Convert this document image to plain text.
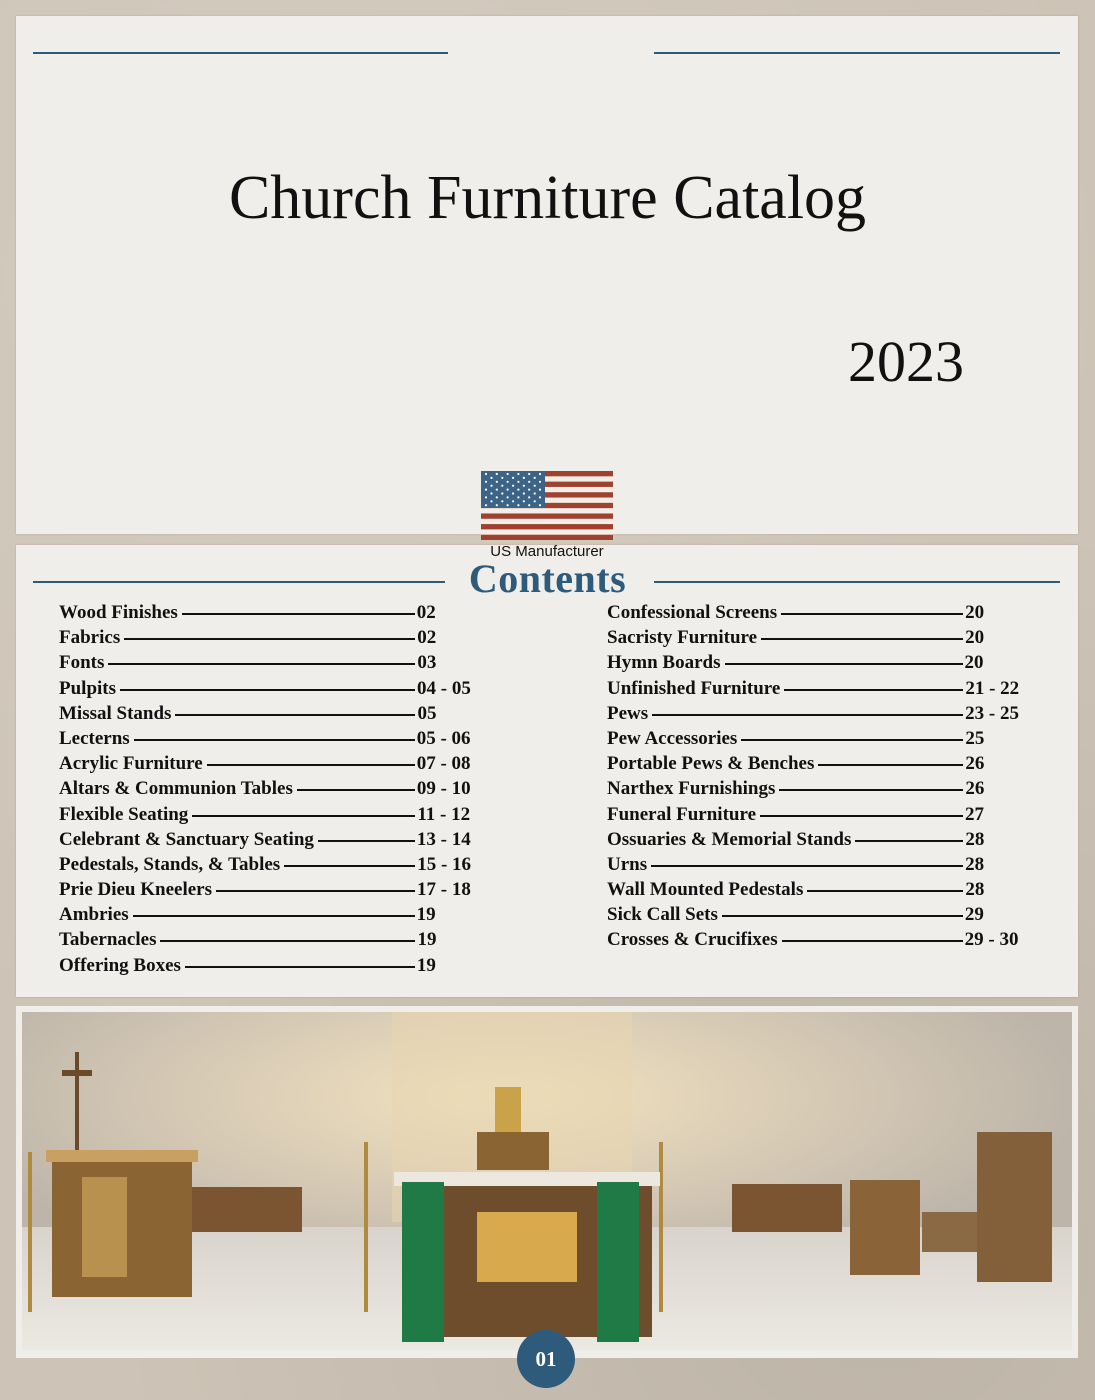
Church Furniture Catalog
2023
US Manufacturer
Contents
Wood Finishes	02
Fabrics	02
Fonts	03
Pulpits	04 - 05
Missal Stands	05
Lecterns	05 - 06
Acrylic Furniture	07 - 08
Altars & Communion Tables	09 - 10
Flexible Seating	11 - 12
Celebrant & Sanctuary Seating	13 - 14
Pedestals, Stands, & Tables	15 - 16
Prie Dieu Kneelers	17 - 18
Ambries	19
Tabernacles	19
Offering Boxes	19
Confessional Screens	20
Sacristy Furniture	20
Hymn Boards	20
Unfinished Furniture	21 - 22
Pews	23 - 25
Pew Accessories	25
Portable Pews & Benches	26
Narthex Furnishings	26
Funeral Furniture	27
Ossuaries & Memorial Stands	28
Urns	28
Wall Mounted Pedestals	28
Sick Call Sets	29
Crosses & Crucifixes	29 - 30
01
